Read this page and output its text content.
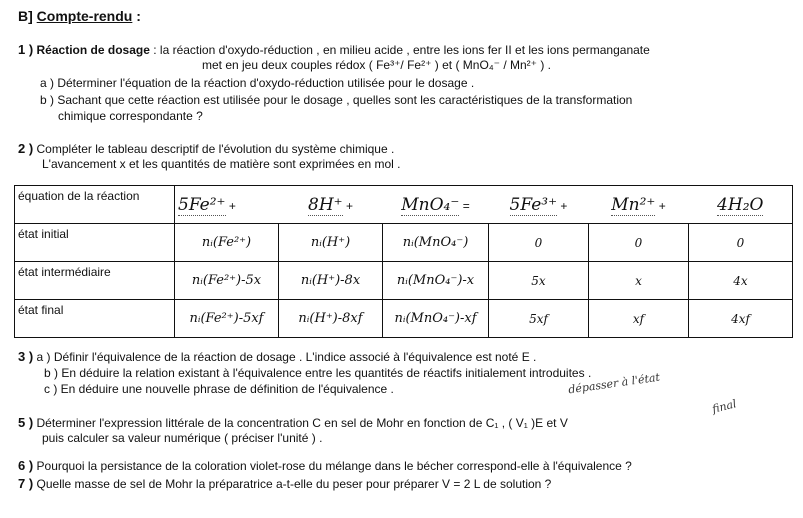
B] Compte-rendu :
1 ) Réaction de dosage : la réaction d'oxydo-réduction , en milieu acide , entre les ions fer II et les ions permanganate
met en jeu deux couples rédox ( Fe³⁺/ Fe²⁺ ) et ( MnO₄⁻ / Mn²⁺ ) .
a ) Déterminer l'équation de la réaction d'oxydo-réduction utilisée pour le dosage .
b ) Sachant que cette réaction est utilisée pour le dosage , quelles sont les caractéristiques de la transformation
chimique correspondante ?
2 ) Compléter le tableau descriptif de l'évolution du système chimique .
L'avancement x et les quantités de matière sont exprimées en mol .
équation de la réaction	5Fe²⁺ +	8H⁺ +	MnO₄⁻ =	5Fe³⁺ +	Mn²⁺ +	4H₂O
état initial	nᵢ(Fe²⁺)	nᵢ(H⁺)	nᵢ(MnO₄⁻)	0	0	0
état intermédiaire	nᵢ(Fe²⁺)-5x	nᵢ(H⁺)-8x	nᵢ(MnO₄⁻)-x	5x	x	4x
état final	nᵢ(Fe²⁺)-5xf	nᵢ(H⁺)-8xf	nᵢ(MnO₄⁻)-xf	5xf	xf	4xf
3 ) a ) Définir l'équivalence de la réaction de dosage . L'indice associé à l'équivalence est noté E .
b ) En déduire la relation existant à l'équivalence entre les quantités de réactifs initialement introduites .
c ) En déduire une nouvelle phrase de définition de l'équivalence .	dépasser à l'état
final
5 ) Déterminer l'expression littérale de la concentration C en sel de Mohr en fonction de C₁ , ( V₁ )E et V
puis calculer sa valeur numérique ( préciser l'unité ) .
6 ) Pourquoi la persistance de la coloration violet-rose du mélange dans le bécher correspond-elle à l'équivalence ?
7 ) Quelle masse de sel de Mohr la préparatrice a-t-elle du peser pour préparer V = 2 L de solution ?
